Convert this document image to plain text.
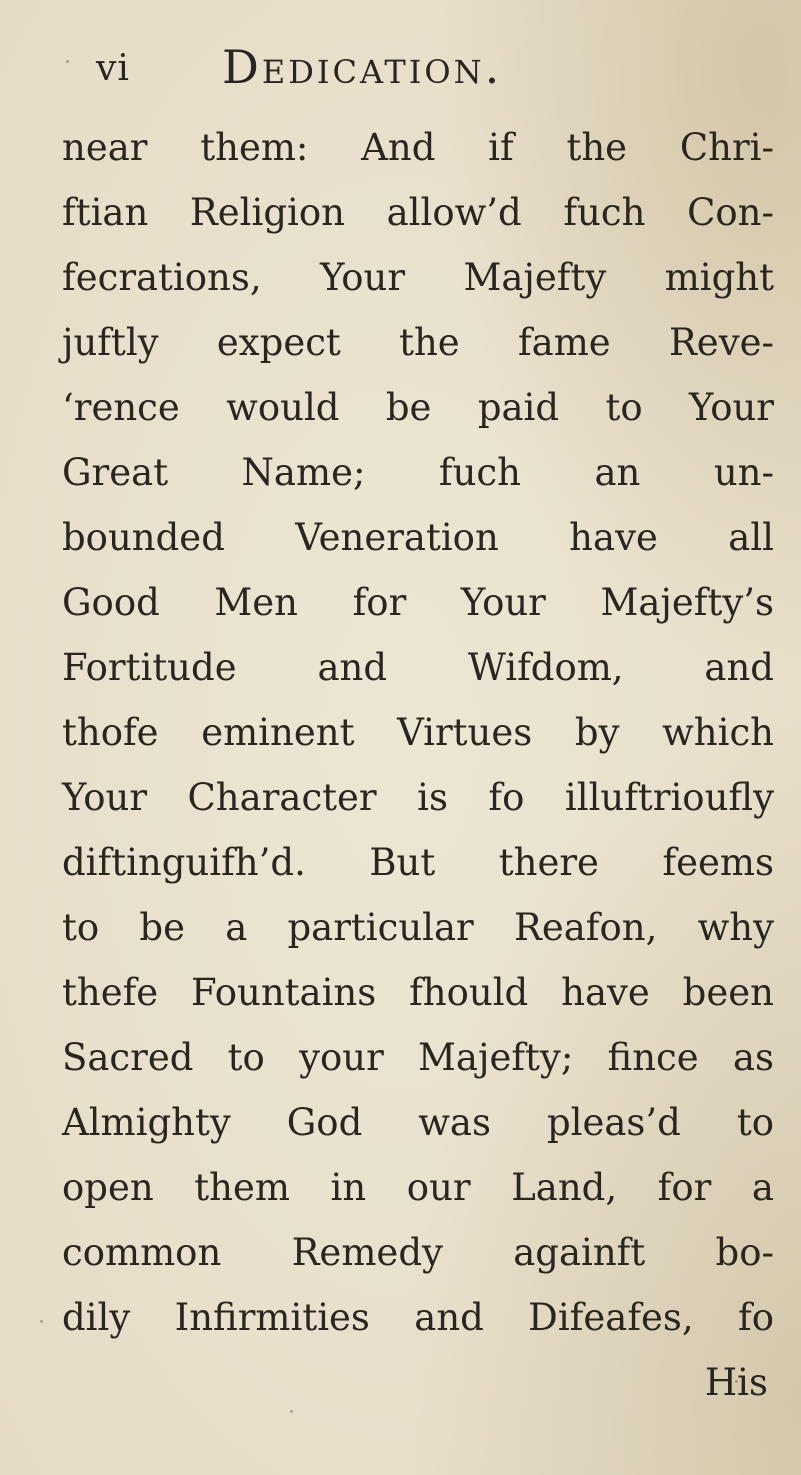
vi Dedication.
near them: And if the Chri-
ftian Religion allow’d fuch Con-
fecrations, Your Majefty might
juftly expect the fame Reve-
‘rence would be paid to Your
Great Name; fuch an un-
bounded Veneration have all
Good Men for Your Majefty’s
Fortitude and Wifdom, and
thofe eminent Virtues by which
Your Character is fo illuftrioufly
diftinguifh’d. But there feems
to be a particular Reafon, why
thefe Fountains fhould have been
Sacred to your Majefty; fince as
Almighty God was pleas’d to
open them in our Land, for a
common Remedy againft bo-
dily Infirmities and Difeafes, fo
His
